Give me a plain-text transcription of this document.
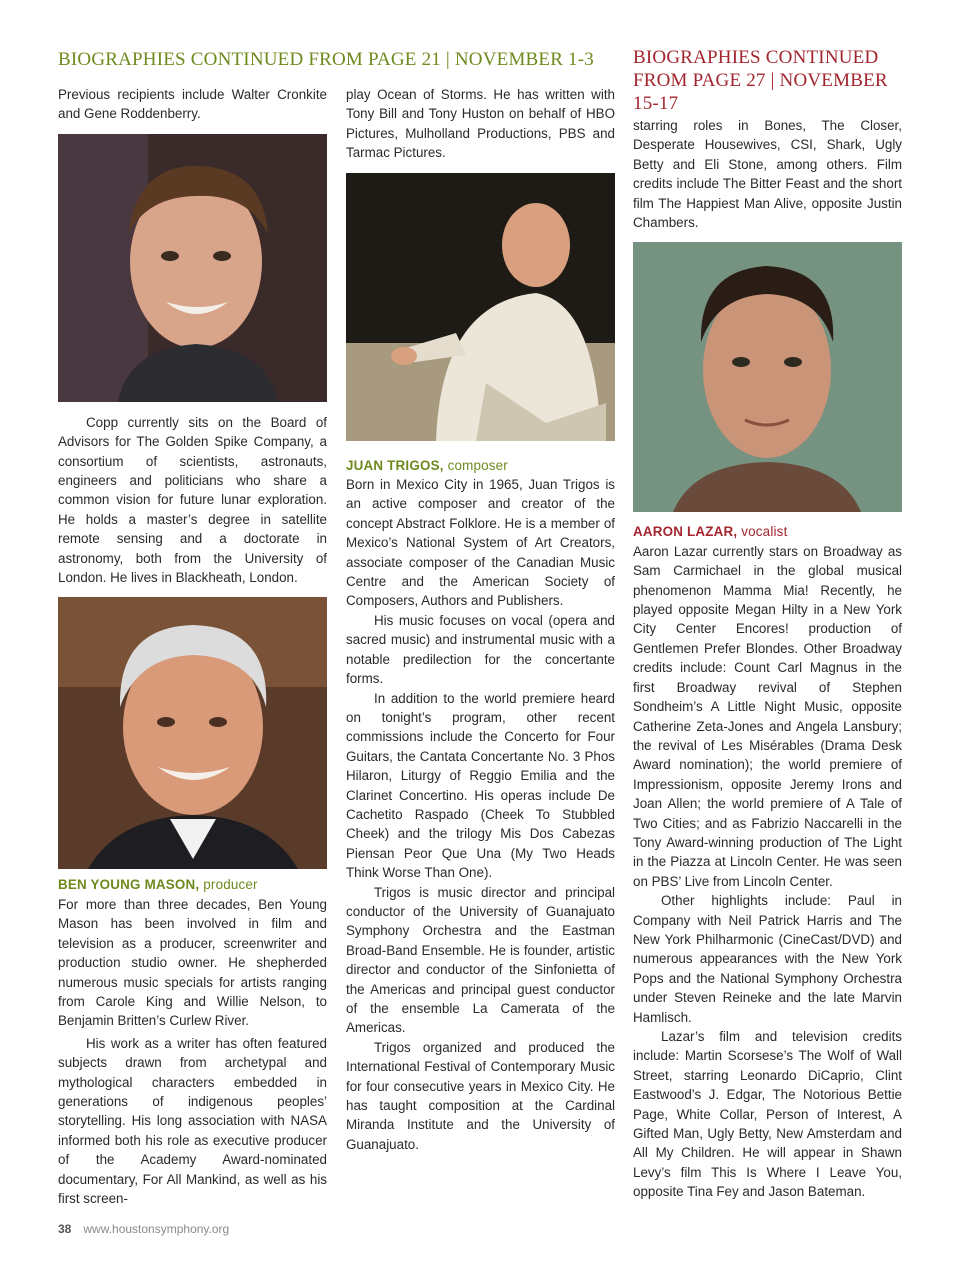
BIOGRAPHIES CONTINUED FROM PAGE 21 | NOVEMBER 1-3 BIOGRAPHIES CONTINUED FROM PAGE 27 | NOVEMBER 15-17

Previous recipients include Walter Cronkite and Gene Roddenberry.

Copp currently sits on the Board of Advisors for The Golden Spike Company, a consortium of scientists, astronauts, engineers and politicians who share a common vision for future lunar exploration. He holds a master’s degree in satellite remote sensing and a doctorate in astronomy, both from the University of London. He lives in Blackheath, London.

BEN YOUNG MASON, producer

For more than three decades, Ben Young Mason has been involved in film and television as a producer, screenwriter and production studio owner. He shepherded numerous music specials for artists ranging from Carole King and Willie Nelson, to Benjamin Britten’s Curlew River.

His work as a writer has often featured subjects drawn from archetypal and mythological characters embedded in generations of indigenous peoples’ storytelling. His long association with NASA informed both his role as executive producer of the Academy Award-nominated documentary, For All Mankind, as well as his first screen-

play Ocean of Storms. He has written with Tony Bill and Tony Huston on behalf of HBO Pictures, Mulholland Productions, PBS and Tarmac Pictures.

JUAN TRIGOS, composer

Born in Mexico City in 1965, Juan Trigos is an active composer and creator of the concept Abstract Folklore. He is a member of Mexico’s National System of Art Creators, associate composer of the Canadian Music Centre and the American Society of Composers, Authors and Publishers.

His music focuses on vocal (opera and sacred music) and instrumental music with a notable predilection for the concertante forms.

In addition to the world premiere heard on tonight’s program, other recent commissions include the Concerto for Four Guitars, the Cantata Concertante No. 3 Phos Hilaron, Liturgy of Reggio Emilia and the Clarinet Concertino. His operas include De Cachetito Raspado (Cheek To Stubbled Cheek) and the trilogy Mis Dos Cabezas Piensan Peor Que Una (My Two Heads Think Worse Than One).

Trigos is music director and principal conductor of the University of Guanajuato Symphony Orchestra and the Eastman Broad-Band Ensemble. He is founder, artistic director and conductor of the Sinfonietta of the Americas and principal guest conductor of the ensemble La Camerata of the Americas.

Trigos organized and produced the International Festival of Contemporary Music for four consecutive years in Mexico City. He has taught composition at the Cardinal Miranda Institute and the University of Guanajuato.

starring roles in Bones, The Closer, Desperate Housewives, CSI, Shark, Ugly Betty and Eli Stone, among others. Film credits include The Bitter Feast and the short film The Happiest Man Alive, opposite Justin Chambers.

AARON LAZAR, vocalist

Aaron Lazar currently stars on Broadway as Sam Carmichael in the global musical phenomenon Mamma Mia! Recently, he played opposite Megan Hilty in a New York City Center Encores! production of Gentlemen Prefer Blondes. Other Broadway credits include: Count Carl Magnus in the first Broadway revival of Stephen Sondheim’s A Little Night Music, opposite Catherine Zeta-Jones and Angela Lansbury; the revival of Les Misérables (Drama Desk Award nomination); the world premiere of Impressionism, opposite Jeremy Irons and Joan Allen; the world premiere of A Tale of Two Cities; and as Fabrizio Naccarelli in the Tony Award-winning production of The Light in the Piazza at Lincoln Center. He was seen on PBS’ Live from Lincoln Center.

Other highlights include: Paul in Company with Neil Patrick Harris and The New York Philharmonic (CineCast/DVD) and numerous appearances with the New York Pops and the National Symphony Orchestra under Steven Reineke and the late Marvin Hamlisch.

Lazar’s film and television credits include: Martin Scorsese’s The Wolf of Wall Street, starring Leonardo DiCaprio, Clint Eastwood’s J. Edgar, The Notorious Bettie Page, White Collar, Person of Interest, A Gifted Man, Ugly Betty, New Amsterdam and All My Children. He will appear in Shawn Levy’s film This Is Where I Leave You, opposite Tina Fey and Jason Bateman.

38 www.houstonsymphony.org
